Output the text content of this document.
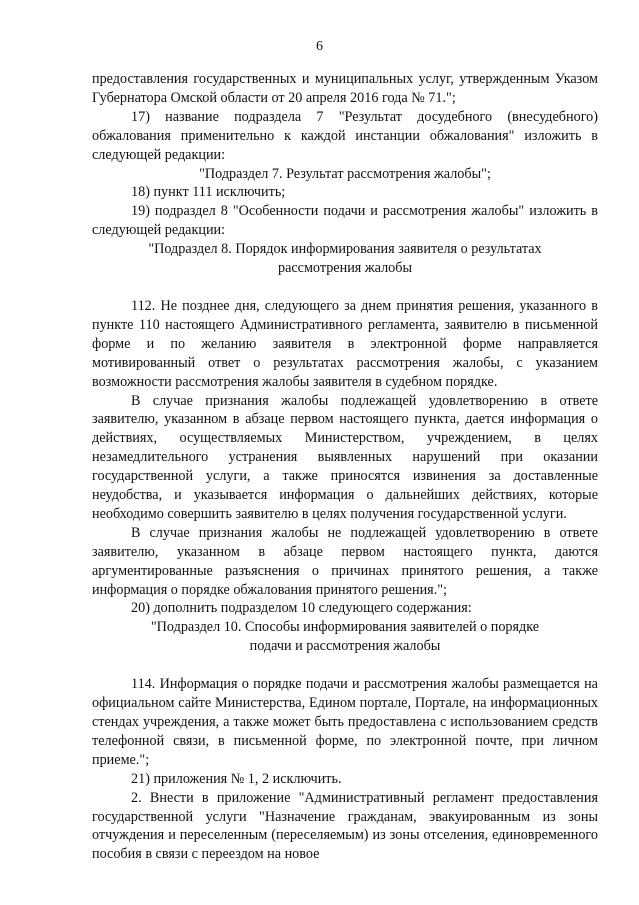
6

предоставления государственных и муниципальных услуг, утвержденным Указом Губернатора Омской области от 20 апреля 2016 года № 71.";

17) название подраздела 7 "Результат досудебного (внесудебного) обжалования применительно к каждой инстанции обжалования" изложить в следующей редакции:

"Подраздел 7. Результат рассмотрения жалобы";

18) пункт 111 исключить;

19) подраздел 8 "Особенности подачи и рассмотрения жалобы" изложить в следующей редакции:

"Подраздел 8. Порядок информирования заявителя о результатах рассмотрения жалобы

112. Не позднее дня, следующего за днем принятия решения, указанного в пункте 110 настоящего Административного регламента, заявителю в письменной форме и по желанию заявителя в электронной форме направляется мотивированный ответ о результатах рассмотрения жалобы, с указанием возможности рассмотрения жалобы заявителя в судебном порядке.

В случае признания жалобы подлежащей удовлетворению в ответе заявителю, указанном в абзаце первом настоящего пункта, дается информация о действиях, осуществляемых Министерством, учреждением, в целях незамедлительного устранения выявленных нарушений при оказании государственной услуги, а также приносятся извинения за доставленные неудобства, и указывается информация о дальнейших действиях, которые необходимо совершить заявителю в целях получения государственной услуги.

В случае признания жалобы не подлежащей удовлетворению в ответе заявителю, указанном в абзаце первом настоящего пункта, даются аргументированные разъяснения о причинах принятого решения, а также информация о порядке обжалования принятого решения.";

20) дополнить подразделом 10 следующего содержания:

"Подраздел 10. Способы информирования заявителей о порядке подачи и рассмотрения жалобы

114. Информация о порядке подачи и рассмотрения жалобы размещается на официальном сайте Министерства, Едином портале, Портале, на информационных стендах учреждения, а также может быть предоставлена с использованием средств телефонной связи, в письменной форме, по электронной почте, при личном приеме.";

21) приложения № 1, 2 исключить.

2. Внести в приложение "Административный регламент предоставления государственной услуги "Назначение гражданам, эвакуированным из зоны отчуждения и переселенным (переселяемым) из зоны отселения, единовременного пособия в связи с переездом на новое
